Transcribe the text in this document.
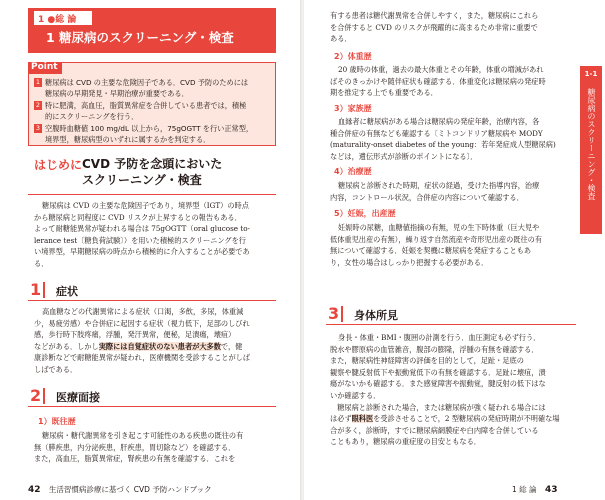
1 ●総 論
1 糖尿病のスクリーニング・検査
Point
1 糖尿病は CVD の主要な危険因子である．CVD 予防のためには
糖尿病の早期発見・早期治療が重要である．
2 特に肥満，高血圧，脂質異常症を合併している患者では，積極
的にスクリーニングを行う．
3 空腹時血糖値 100 mg/dL 以上から，75gOGTT を行い正常型，
境界型，糖尿病型のいずれに属するかを判定する．
はじめに CVD 予防を念頭においた
スクリーニング・検査
糖尿病は CVD の主要な危険因子であり，境界型（IGT）の時点
から糖尿病と同程度に CVD リスクが上昇するとの報告もある．
よって耐糖能異常が疑われる場合は 75gOGTT（oral glucose to-
lerance test〔糖負荷試験〕）を用いた積極的スクリーニングを行
い境界型，早期糖尿病の時点から積極的に介入することが必要であ
る．
1 症状
高血糖などの代謝異常による症状（口渇，多飲，多尿，体重減
少，易疲労感）や合併症に起因する症状（視力低下，足部のしびれ
感，歩行時下肢疼痛，浮腫，発汗異常，便秘，足潰瘍，壊疽）
などがある．しかし実際には自覚症状のない患者が大多数で，健
康診断などで耐糖能異常が疑われ，医療機関を受診することがしば
しばである．
2 医療面接
1）既往歴
糖尿病・糖代謝異常を引き起こす可能性のある疾患の既往の有
無（膵疾患，内分泌疾患，肝疾患，胃切除など）を確認する．
また，高血圧，脂質異常症，腎疾患の有無を確認する．これを
有する患者は糖代謝異常を合併しやすく，また，糖尿病にこれら
を合併すると CVD のリスクが飛躍的に高まるため非常に重要で
ある．
2）体重歴
20 歳時の体重，過去の最大体重とその年齢，体重の増減があれ
ばそのきっかけや随伴症状も確認する．体重変化は糖尿病の発症時
期を推定する上でも重要である．
3）家族歴
血縁者に糖尿病がある場合は糖尿病の発症年齢，治療内容，各
種合併症の有無なども確認する〔ミトコンドリア糖尿病や MODY
(maturality-onset diabetes of the young：若年発症成人型糖尿病)
などは，遺伝形式が診断のポイントになる〕．
4）治療歴
糖尿病と診断された時期，症状の経過，受けた指導内容，治療
内容，コントロール状況，合併症の内容について確認する．
5）妊娠，出産歴
妊娠時の尿糖，血糖値指摘の有無，児の生下時体重（巨大児や
低体重児出産の有無），繰り返す自然流産や奇形児出産の既往の有
無について確認する．妊娠を契機に糖尿病を発症することもあ
り，女性の場合はしっかり把握する必要がある．
3 身体所見
身長・体重・BMI・腹囲の計測を行う．血圧測定も必ず行う．
脱水や膠原病の血管雑音，腹部の膨隆，浮腫の有無を確認する．
また，糖尿病性神経障害の評価を目的として，足趾・足底の
観察や腱反射低下や振動覚低下の有無を確認する．足趾に壊疽，潰
瘍がないかも確認する．また感覚障害や振動覚，腱反射の低下はな
いか確認する．
　糖尿病と診断された場合，または糖尿病が強く疑われる場合には
は必ず眼科医を受診させることで，2 型糖尿病の発症時期が不明確な場
合が多く，診断時，すでに糖尿病網膜症や白内障を合併している
こともあり，糖尿病の重症度の目安ともなる．
1-1
糖尿病のスクリーニング・検査
42 生活習慣病診療に基づく CVD 予防ハンドブック	1 総 論 43
